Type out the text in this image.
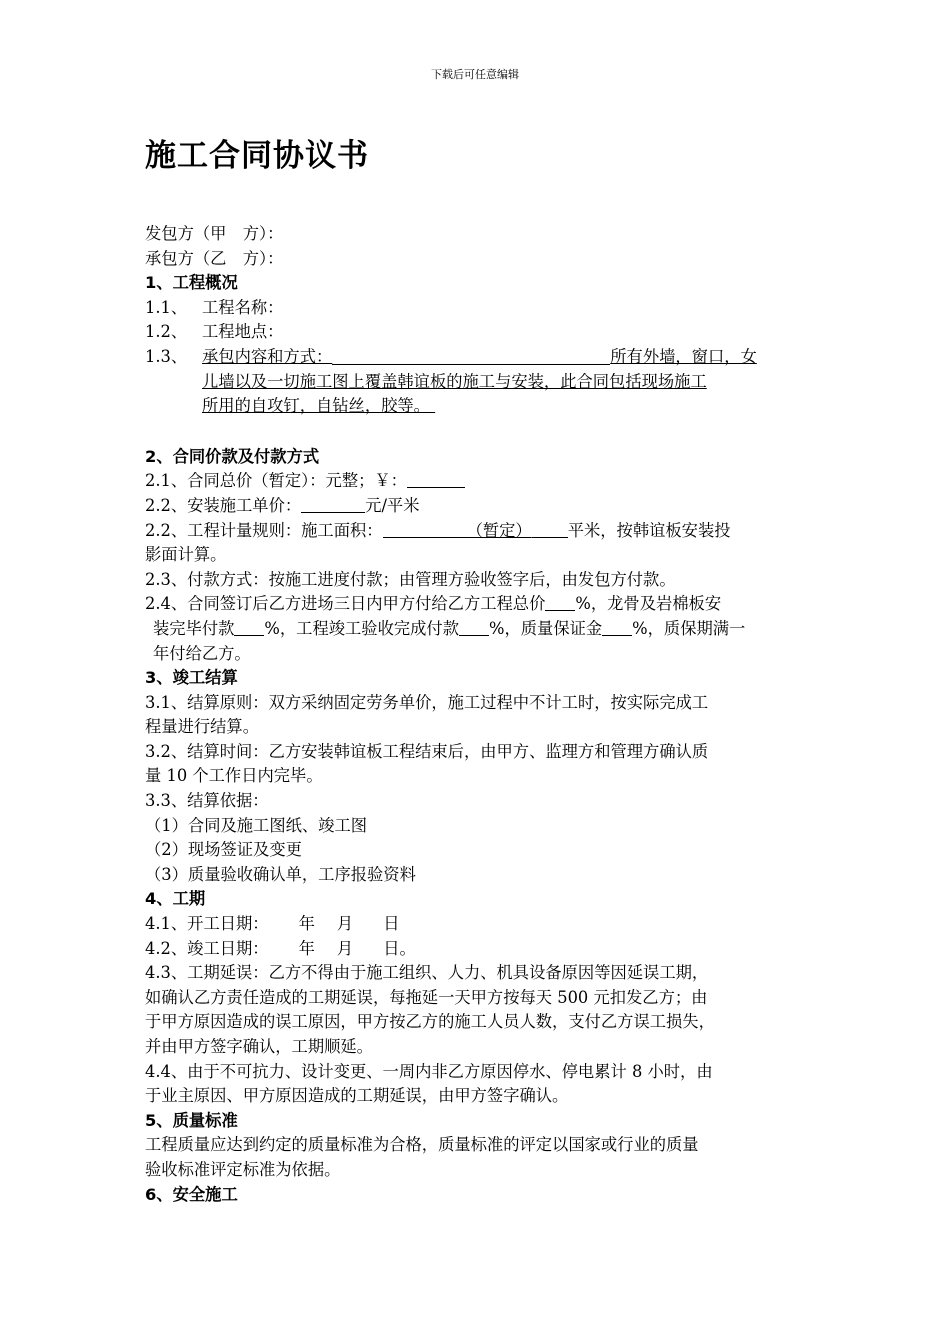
下载后可任意编辑
施工合同协议书
发包方（甲　方）：
承包方（乙　方）：
1、工程概况
1.1、 工程名称：
1.2、 工程地点：
1.3、 承包内容和方式：	所有外墙，窗口，女
儿墙以及一切施工图上覆盖韩谊板的施工与安装，此合同包括现场施工
所用的自攻钉，自钻丝，胶等。
2、合同价款及付款方式
2.1、合同总价（暂定）：元整；￥：
2.2、安装施工单价：	元/平米
2.2、工程计量规则：施工面积：	（暂定） 平米，按韩谊板安装投
影面计算。
2.3、付款方式：按施工进度付款；由管理方验收签字后，由发包方付款。
2.4、合同签订后乙方进场三日内甲方付给乙方工程总价 %，龙骨及岩棉板安
装完毕付款 %，工程竣工验收完成付款 %，质量保证金 %，质保期满一
年付给乙方。
3、竣工结算
3.1、结算原则：双方采纳固定劳务单价，施工过程中不计工时，按实际完成工
程量进行结算。
3.2、结算时间：乙方安装韩谊板工程结束后，由甲方、监理方和管理方确认质
量 10 个工作日内完毕。
3.3、结算依据：
（1）合同及施工图纸、竣工图
（2）现场签证及变更
（3）质量验收确认单，工序报验资料
4、工期
4.1、开工日期： 年 月 日
4.2、竣工日期： 年 月 日。
4.3、工期延误：乙方不得由于施工组织、人力、机具设备原因等因延误工期，
如确认乙方责任造成的工期延误，每拖延一天甲方按每天 500 元扣发乙方；由
于甲方原因造成的误工原因，甲方按乙方的施工人员人数，支付乙方误工损失，
并由甲方签字确认，工期顺延。
4.4、由于不可抗力、设计变更、一周内非乙方原因停水、停电累计 8 小时，由
于业主原因、甲方原因造成的工期延误，由甲方签字确认。
5、质量标准
工程质量应达到约定的质量标准为合格，质量标准的评定以国家或行业的质量
验收标准评定标准为依据。
6、安全施工
